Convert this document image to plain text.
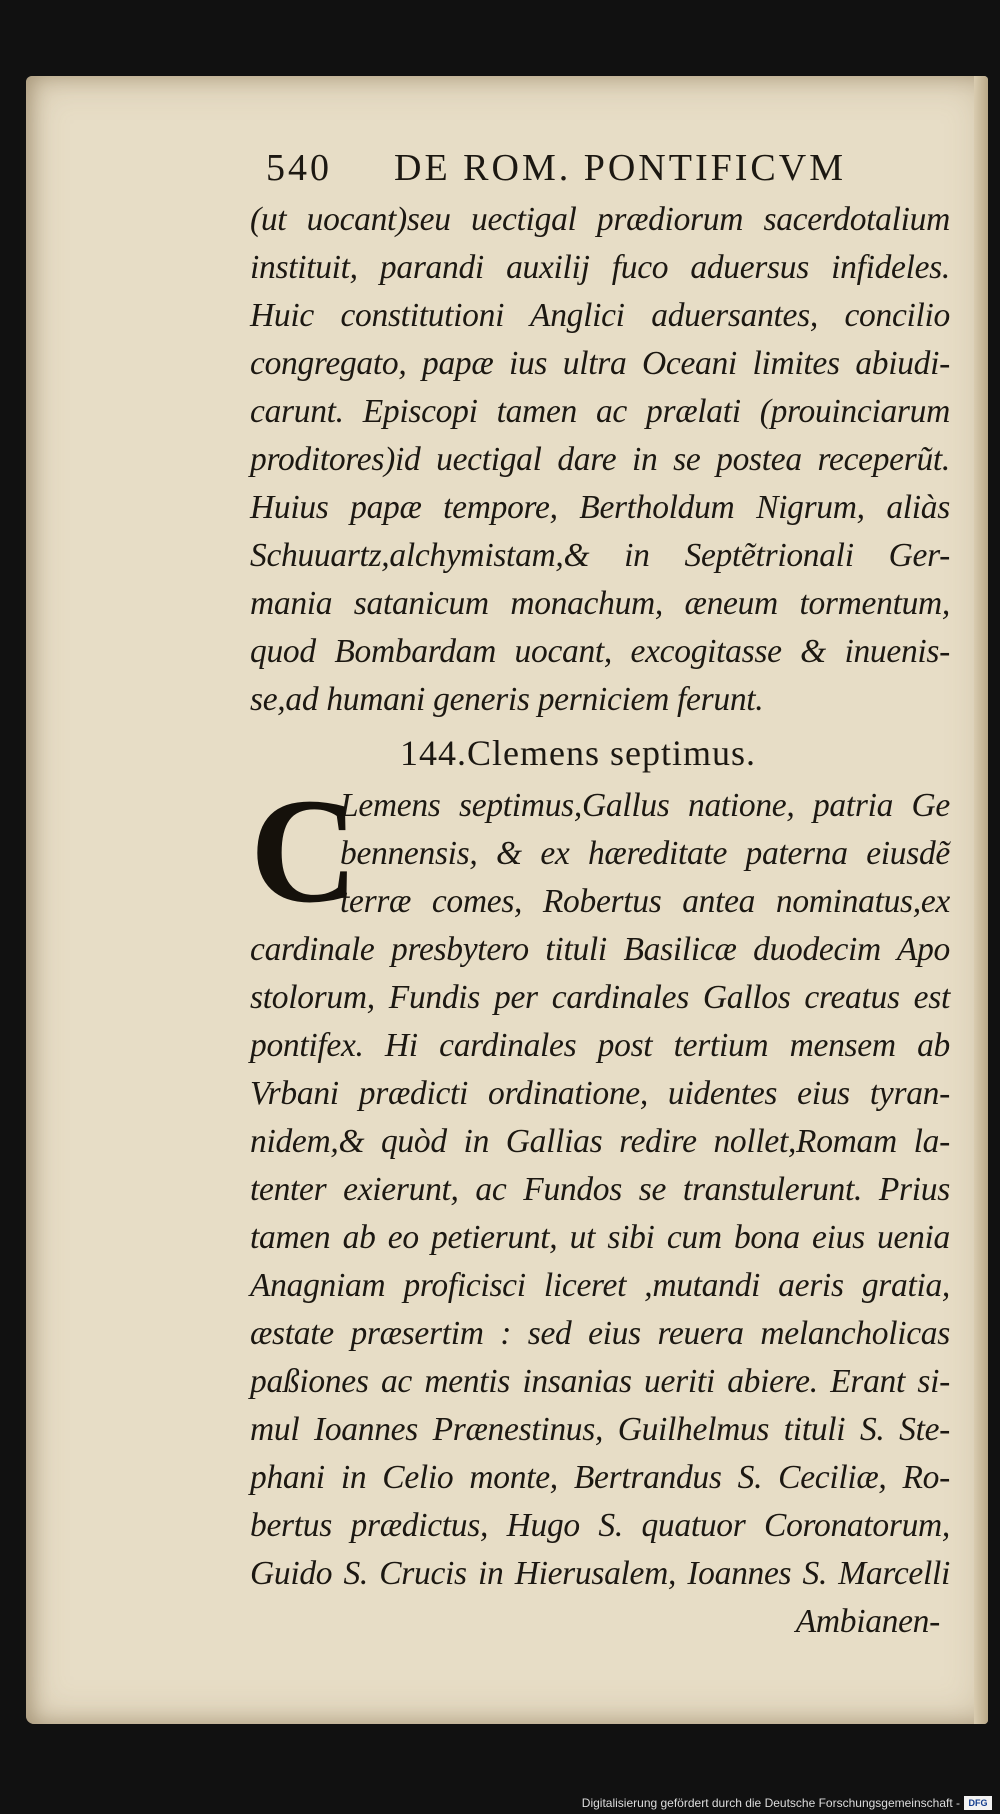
540 DE ROM. PONTIFICVM
(ut uocant)seu uectigal prædiorum sacerdotalium
instituit, parandi auxilij fuco aduersus infideles.
Huic constitutioni Anglici aduersantes, concilio
congregato, papæ ius ultra Oceani limites abiudi-
carunt. Episcopi tamen ac prælati (prouinciarum
proditores)id uectigal dare in se postea receperũt.
Huius papæ tempore, Bertholdum Nigrum, aliàs
Schuuartz,alchymistam,& in Septẽtrionali Ger-
mania satanicum monachum, æneum tormentum,
quod Bombardam uocant, excogitasse & inuenis-
se,ad humani generis perniciem ferunt.
144.Clemens septimus.
C
Lemens septimus,Gallus natione, patria Ge
bennensis, & ex hæreditate paterna eiusdẽ
terræ comes, Robertus antea nominatus,ex
cardinale presbytero tituli Basilicæ duodecim Apo
stolorum, Fundis per cardinales Gallos creatus est
pontifex. Hi cardinales post tertium mensem ab
Vrbani prædicti ordinatione, uidentes eius tyran-
nidem,& quòd in Gallias redire nollet,Romam la-
tenter exierunt, ac Fundos se transtulerunt. Prius
tamen ab eo petierunt, ut sibi cum bona eius uenia
Anagniam proficisci liceret ,mutandi aeris gratia,
æstate præsertim : sed eius reuera melancholicas
paßiones ac mentis insanias ueriti abiere. Erant si-
mul Ioannes Prænestinus, Guilhelmus tituli S. Ste-
phani in Celio monte, Bertrandus S. Ceciliæ, Ro-
bertus prædictus, Hugo S. quatuor Coronatorum,
Guido S. Crucis in Hierusalem, Ioannes S. Marcelli
Ambianen-
Digitalisierung gefördert durch die Deutsche Forschungsgemeinschaft - DFG
